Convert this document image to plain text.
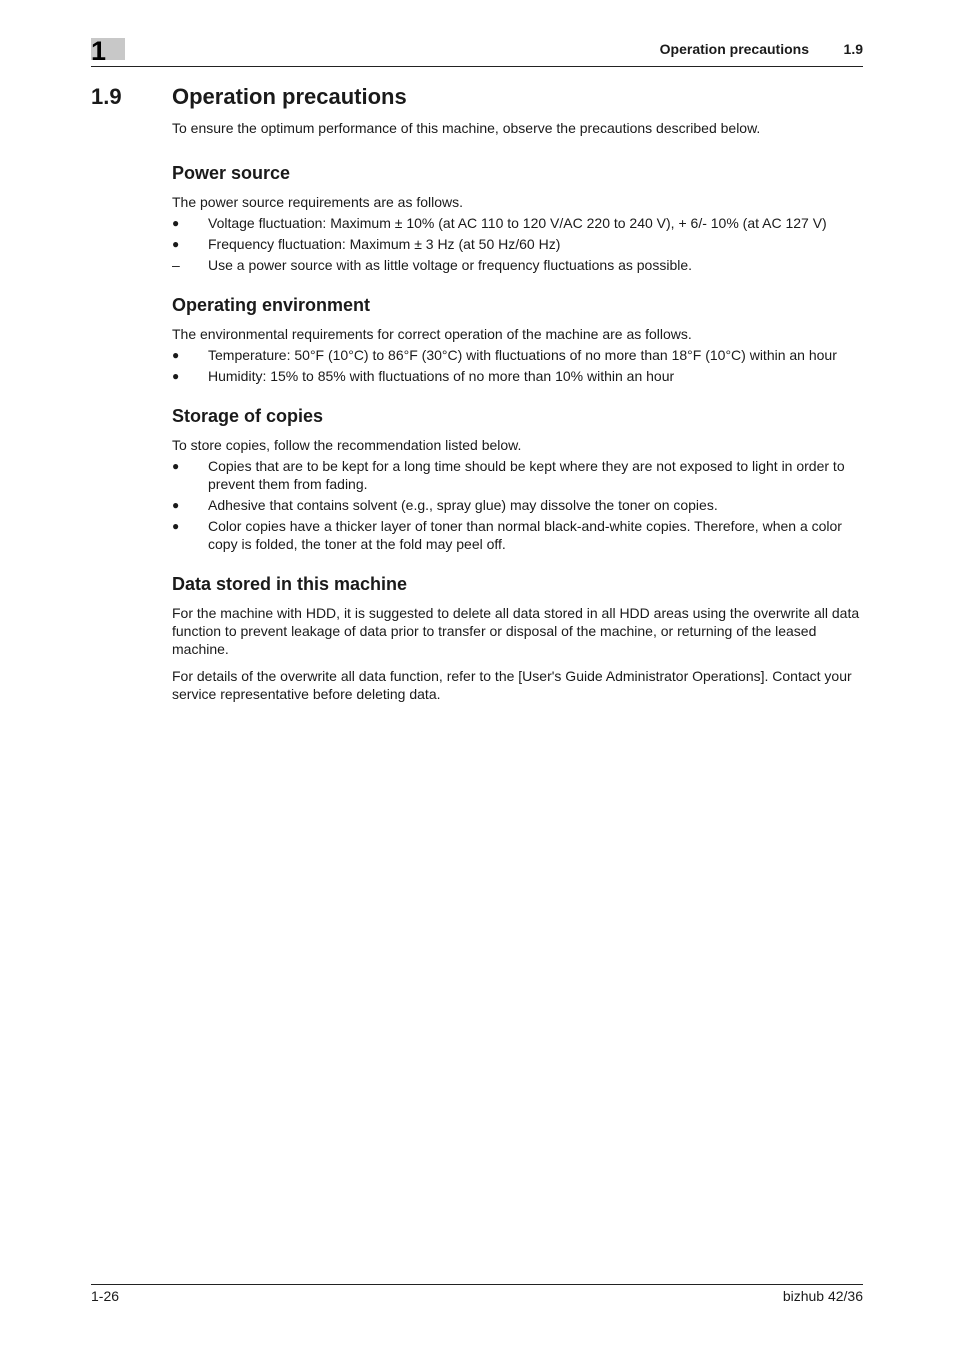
1	Operation precautions 1.9
1.9 Operation precautions

To ensure the optimum performance of this machine, observe the precautions described below.

Power source

The power source requirements are as follows.

●	Voltage fluctuation: Maximum ± 10% (at AC 110 to 120 V/AC 220 to 240 V), + 6/- 10% (at AC 127 V)
●	Frequency fluctuation: Maximum ± 3 Hz (at 50 Hz/60 Hz)
–	Use a power source with as little voltage or frequency fluctuations as possible.
Operating environment

The environmental requirements for correct operation of the machine are as follows.

●	Temperature: 50°F (10°C) to 86°F (30°C) with fluctuations of no more than 18°F (10°C) within an hour
●	Humidity: 15% to 85% with fluctuations of no more than 10% within an hour
Storage of copies

To store copies, follow the recommendation listed below.

●	Copies that are to be kept for a long time should be kept where they are not exposed to light in order to prevent them from fading.
●	Adhesive that contains solvent (e.g., spray glue) may dissolve the toner on copies.
●	Color copies have a thicker layer of toner than normal black-and-white copies. Therefore, when a color copy is folded, the toner at the fold may peel off.
Data stored in this machine

For the machine with HDD, it is suggested to delete all data stored in all HDD areas using the overwrite all data function to prevent leakage of data prior to transfer or disposal of the machine, or returning of the leased machine.

For details of the overwrite all data function, refer to the [User's Guide Administrator Operations]. Contact your service representative before deleting data.

1-26	bizhub 42/36
